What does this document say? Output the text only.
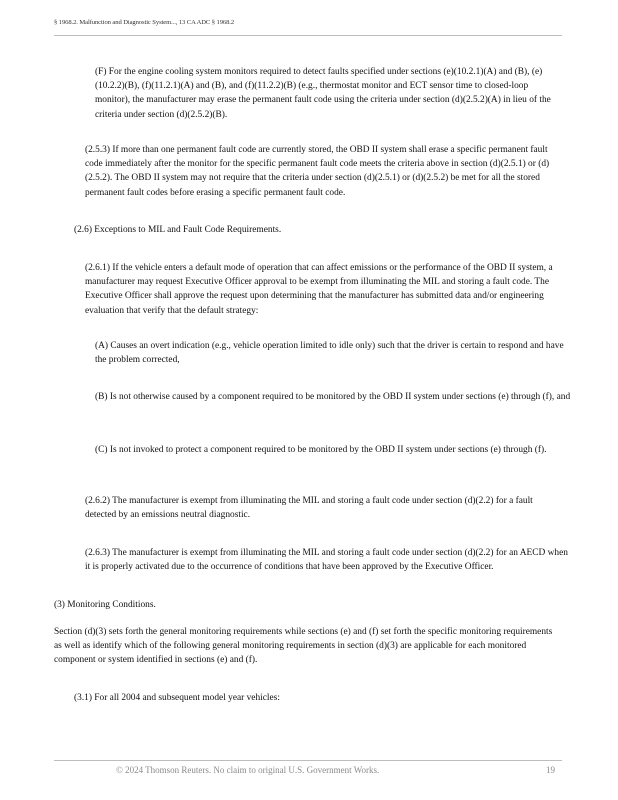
§ 1968.2. Malfunction and Diagnostic System..., 13 CA ADC § 1968.2

(F) For the engine cooling system monitors required to detect faults specified under sections (e)(10.2.1)(A) and (B), (e)(10.2.2)(B), (f)(11.2.1)(A) and (B), and (f)(11.2.2)(B) (e.g., thermostat monitor and ECT sensor time to closed-loop monitor), the manufacturer may erase the permanent fault code using the criteria under section (d)(2.5.2)(A) in lieu of the criteria under section (d)(2.5.2)(B).

(2.5.3) If more than one permanent fault code are currently stored, the OBD II system shall erase a specific permanent fault code immediately after the monitor for the specific permanent fault code meets the criteria above in section (d)(2.5.1) or (d)(2.5.2). The OBD II system may not require that the criteria under section (d)(2.5.1) or (d)(2.5.2) be met for all the stored permanent fault codes before erasing a specific permanent fault code.

(2.6) Exceptions to MIL and Fault Code Requirements.

(2.6.1) If the vehicle enters a default mode of operation that can affect emissions or the performance of the OBD II system, a manufacturer may request Executive Officer approval to be exempt from illuminating the MIL and storing a fault code. The Executive Officer shall approve the request upon determining that the manufacturer has submitted data and/or engineering evaluation that verify that the default strategy:

(A) Causes an overt indication (e.g., vehicle operation limited to idle only) such that the driver is certain to respond and have the problem corrected,

(B) Is not otherwise caused by a component required to be monitored by the OBD II system under sections (e) through (f), and

(C) Is not invoked to protect a component required to be monitored by the OBD II system under sections (e) through (f).

(2.6.2) The manufacturer is exempt from illuminating the MIL and storing a fault code under section (d)(2.2) for a fault detected by an emissions neutral diagnostic.

(2.6.3) The manufacturer is exempt from illuminating the MIL and storing a fault code under section (d)(2.2) for an AECD when it is properly activated due to the occurrence of conditions that have been approved by the Executive Officer.

(3) Monitoring Conditions.

Section (d)(3) sets forth the general monitoring requirements while sections (e) and (f) set forth the specific monitoring requirements as well as identify which of the following general monitoring requirements in section (d)(3) are applicable for each monitored component or system identified in sections (e) and (f).

(3.1) For all 2004 and subsequent model year vehicles:

© 2024 Thomson Reuters. No claim to original U.S. Government Works.	19
